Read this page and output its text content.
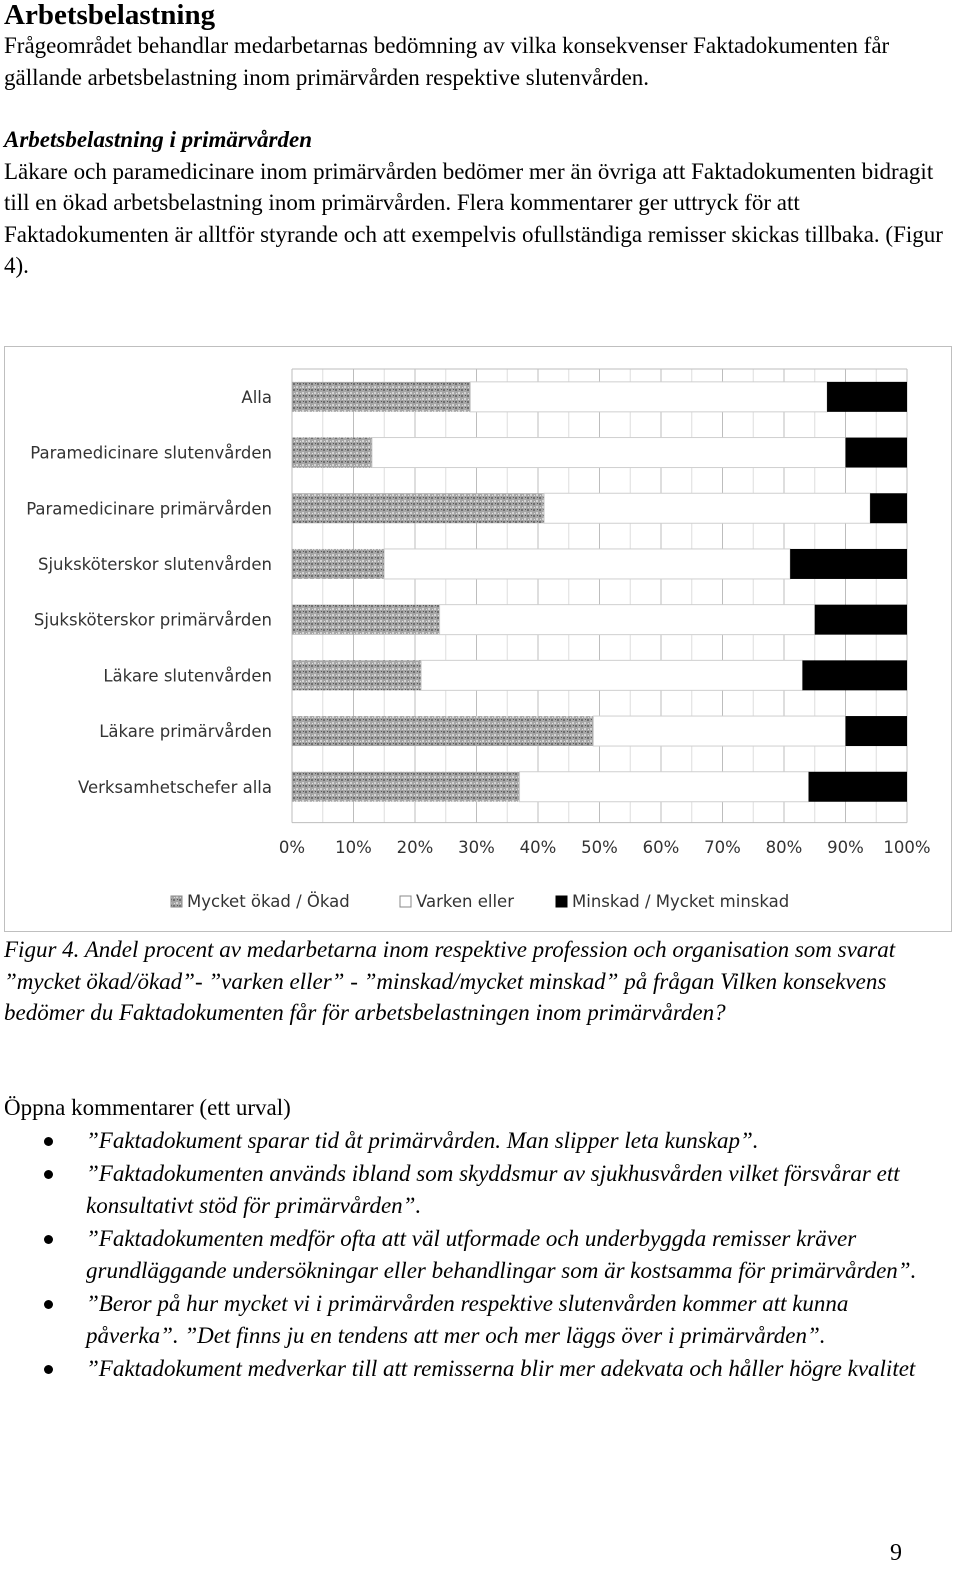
Arbetsbelastning

Frågeområdet behandlar medarbetarnas bedömning av vilka konsekvenser Faktadokumenten får gällande arbetsbelastning inom primärvården respektive slutenvården.

Arbetsbelastning i primärvården

Läkare och paramedicinare inom primärvården bedömer mer än övriga att Faktadokumenten bidragit till en ökad arbetsbelastning inom primärvården. Flera kommentarer ger uttryck för att Faktadokumenten är alltför styrande och att exempelvis ofullständiga remisser skickas tillbaka. (Figur 4).

Alla
Paramedicinare slutenvården
Paramedicinare primärvården
Sjuksköterskor slutenvården
Sjuksköterskor primärvården
Läkare slutenvården
Läkare primärvården
Verksamhetschefer alla
0% 10% 20% 30% 40% 50% 60% 70% 80% 90% 100%
Mycket ökad / Ökad	Varken eller	Minskad / Mycket minskad

Figur 4. Andel procent av medarbetarna inom respektive profession och organisation som svarat ”mycket ökad/ökad”- ”varken eller” - ”minskad/mycket minskad” på frågan Vilken konsekvens bedömer du Faktadokumenten får för arbetsbelastningen inom primärvården?

Öppna kommentarer (ett urval)
”Faktadokument sparar tid åt primärvården. Man slipper leta kunskap”.
”Faktadokumenten används ibland som skyddsmur av sjukhusvården vilket försvårar ett konsultativt stöd för primärvården”.
”Faktadokumenten medför ofta att väl utformade och underbyggda remisser kräver grundläggande undersökningar eller behandlingar som är kostsamma för primärvården”.
”Beror på hur mycket vi i primärvården respektive slutenvården kommer att kunna påverka”. ”Det finns ju en tendens att mer och mer läggs över i primärvården”.
”Faktadokument medverkar till att remisserna blir mer adekvata och håller högre kvalitet
9
